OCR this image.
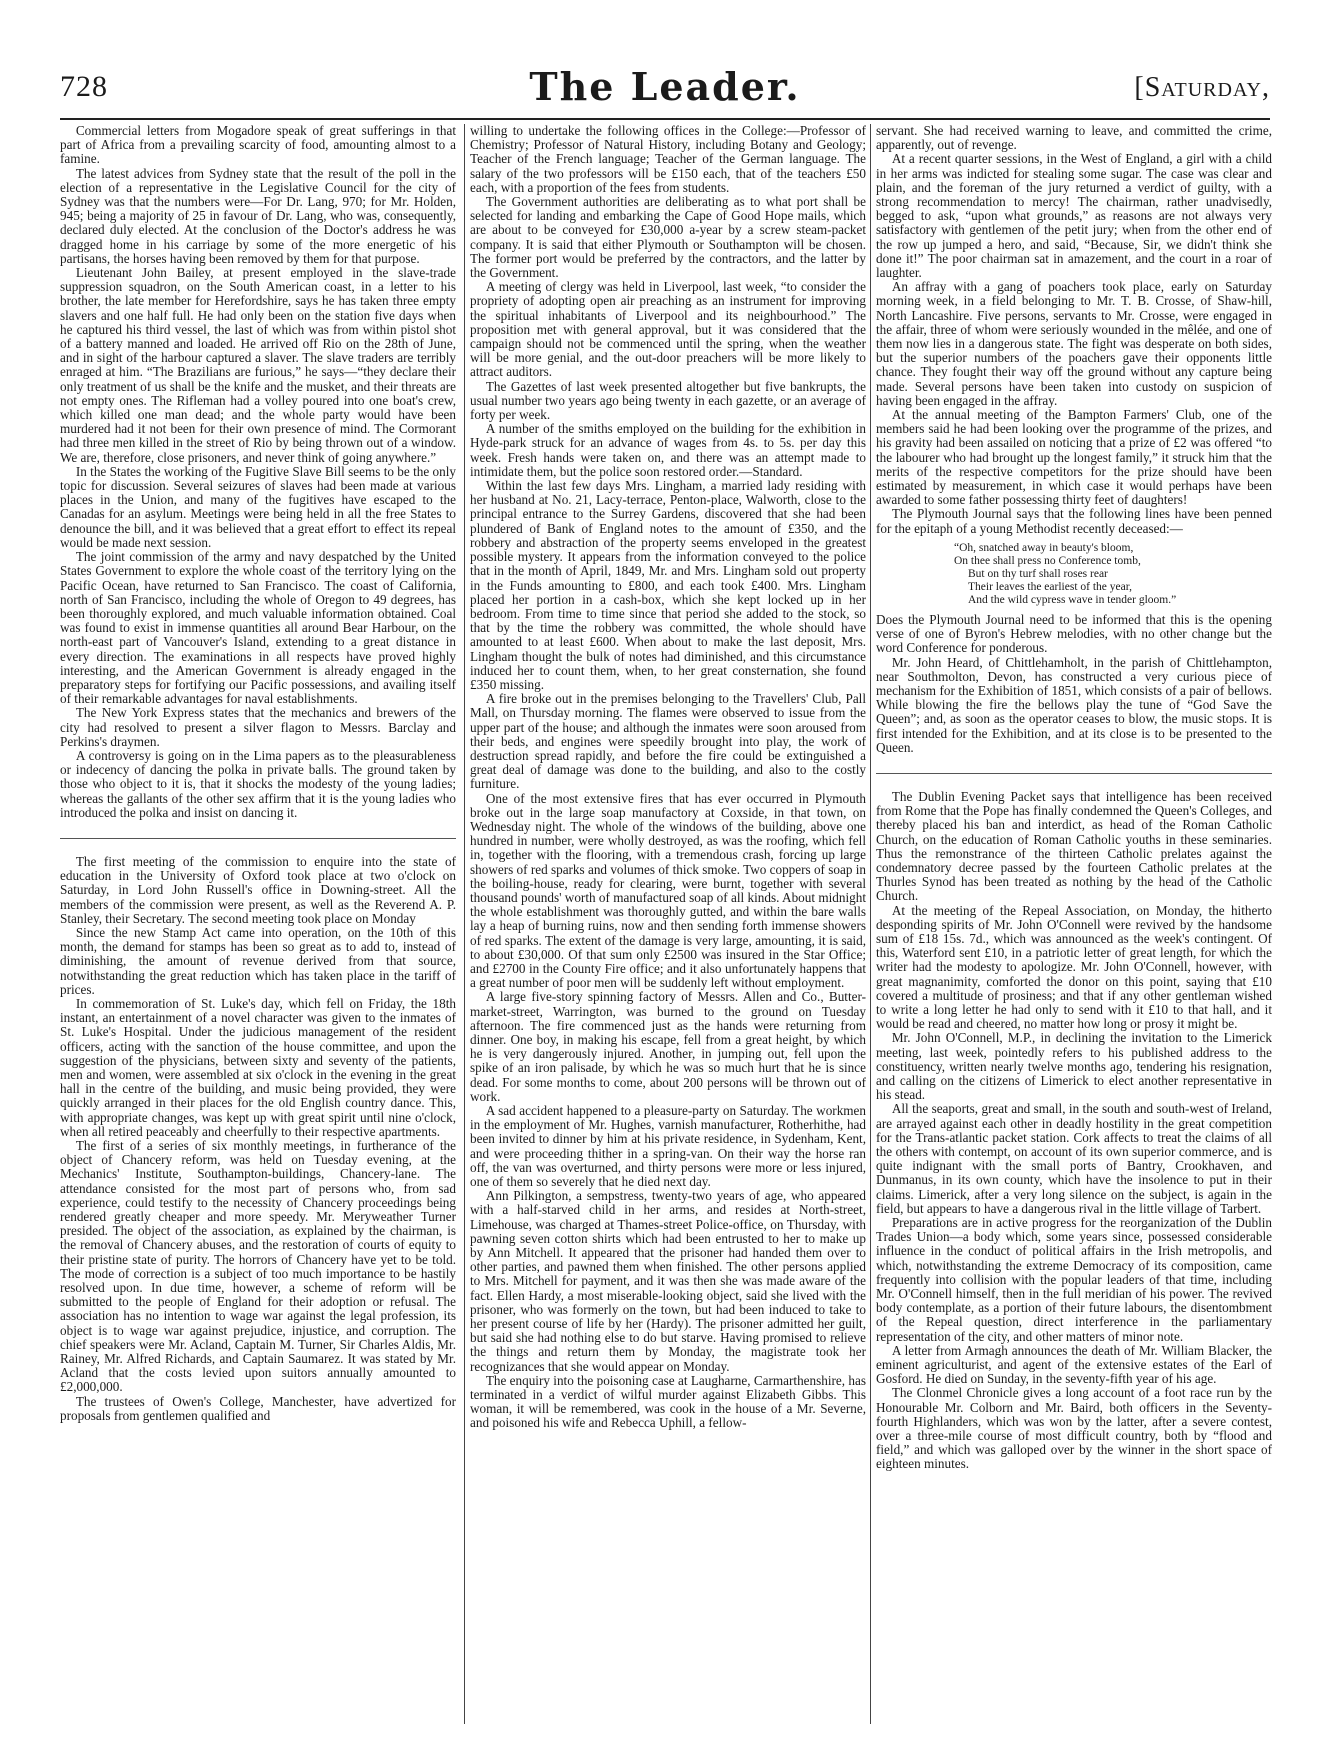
728	The Leader.	[Saturday,

Commercial letters from Mogadore speak of great sufferings in that part of Africa from a prevailing scarcity of food, amounting almost to a famine.

The latest advices from Sydney state that the result of the poll in the election of a representative in the Legislative Council for the city of Sydney was that the numbers were—For Dr. Lang, 970; for Mr. Holden, 945; being a majority of 25 in favour of Dr. Lang, who was, consequently, declared duly elected. At the conclusion of the Doctor's address he was dragged home in his carriage by some of the more energetic of his partisans, the horses having been removed by them for that purpose.

Lieutenant John Bailey, at present employed in the slave-trade suppression squadron, on the South American coast, in a letter to his brother, the late member for Herefordshire, says he has taken three empty slavers and one half full. He had only been on the station five days when he captured his third vessel, the last of which was from within pistol shot of a battery manned and loaded. He arrived off Rio on the 28th of June, and in sight of the harbour captured a slaver. The slave traders are terribly enraged at him. “The Brazilians are furious,” he says—“they declare their only treatment of us shall be the knife and the musket, and their threats are not empty ones. The Rifleman had a volley poured into one boat's crew, which killed one man dead; and the whole party would have been murdered had it not been for their own presence of mind. The Cormorant had three men killed in the street of Rio by being thrown out of a window. We are, therefore, close prisoners, and never think of going anywhere.”

In the States the working of the Fugitive Slave Bill seems to be the only topic for discussion. Several seizures of slaves had been made at various places in the Union, and many of the fugitives have escaped to the Canadas for an asylum. Meetings were being held in all the free States to denounce the bill, and it was believed that a great effort to effect its repeal would be made next session.

The joint commission of the army and navy despatched by the United States Government to explore the whole coast of the territory lying on the Pacific Ocean, have returned to San Francisco. The coast of California, north of San Francisco, including the whole of Oregon to 49 degrees, has been thoroughly explored, and much valuable information obtained. Coal was found to exist in immense quantities all around Bear Harbour, on the north-east part of Vancouver's Island, extending to a great distance in every direction. The examinations in all respects have proved highly interesting, and the American Government is already engaged in the preparatory steps for fortifying our Pacific possessions, and availing itself of their remarkable advantages for naval establishments.

The New York Express states that the mechanics and brewers of the city had resolved to present a silver flagon to Messrs. Barclay and Perkins's draymen.

A controversy is going on in the Lima papers as to the pleasurableness or indecency of dancing the polka in private balls. The ground taken by those who object to it is, that it shocks the modesty of the young ladies; whereas the gallants of the other sex affirm that it is the young ladies who introduced the polka and insist on dancing it.

The first meeting of the commission to enquire into the state of education in the University of Oxford took place at two o'clock on Saturday, in Lord John Russell's office in Downing-street. All the members of the commission were present, as well as the Reverend A. P. Stanley, their Secretary. The second meeting took place on Monday

Since the new Stamp Act came into operation, on the 10th of this month, the demand for stamps has been so great as to add to, instead of diminishing, the amount of revenue derived from that source, notwithstanding the great reduction which has taken place in the tariff of prices.

In commemoration of St. Luke's day, which fell on Friday, the 18th instant, an entertainment of a novel character was given to the inmates of St. Luke's Hospital. Under the judicious management of the resident officers, acting with the sanction of the house committee, and upon the suggestion of the physicians, between sixty and seventy of the patients, men and women, were assembled at six o'clock in the evening in the great hall in the centre of the building, and music being provided, they were quickly arranged in their places for the old English country dance. This, with appropriate changes, was kept up with great spirit until nine o'clock, when all retired peaceably and cheerfully to their respective apartments.

The first of a series of six monthly meetings, in furtherance of the object of Chancery reform, was held on Tuesday evening, at the Mechanics' Institute, Southampton-buildings, Chancery-lane. The attendance consisted for the most part of persons who, from sad experience, could testify to the necessity of Chancery proceedings being rendered greatly cheaper and more speedy. Mr. Meryweather Turner presided. The object of the association, as explained by the chairman, is the removal of Chancery abuses, and the restoration of courts of equity to their pristine state of purity. The horrors of Chancery have yet to be told. The mode of correction is a subject of too much importance to be hastily resolved upon. In due time, however, a scheme of reform will be submitted to the people of England for their adoption or refusal. The association has no intention to wage war against the legal profession, its object is to wage war against prejudice, injustice, and corruption. The chief speakers were Mr. Acland, Captain M. Turner, Sir Charles Aldis, Mr. Rainey, Mr. Alfred Richards, and Captain Saumarez. It was stated by Mr. Acland that the costs levied upon suitors annually amounted to £2,000,000.

The trustees of Owen's College, Manchester, have advertized for proposals from gentlemen qualified and

willing to undertake the following offices in the College:—Professor of Chemistry; Professor of Natural History, including Botany and Geology; Teacher of the French language; Teacher of the German language. The salary of the two professors will be £150 each, that of the teachers £50 each, with a proportion of the fees from students.

The Government authorities are deliberating as to what port shall be selected for landing and embarking the Cape of Good Hope mails, which are about to be conveyed for £30,000 a-year by a screw steam-packet company. It is said that either Plymouth or Southampton will be chosen. The former port would be preferred by the contractors, and the latter by the Government.

A meeting of clergy was held in Liverpool, last week, “to consider the propriety of adopting open air preaching as an instrument for improving the spiritual inhabitants of Liverpool and its neighbourhood.” The proposition met with general approval, but it was considered that the campaign should not be commenced until the spring, when the weather will be more genial, and the out-door preachers will be more likely to attract auditors.

The Gazettes of last week presented altogether but five bankrupts, the usual number two years ago being twenty in each gazette, or an average of forty per week.

A number of the smiths employed on the building for the exhibition in Hyde-park struck for an advance of wages from 4s. to 5s. per day this week. Fresh hands were taken on, and there was an attempt made to intimidate them, but the police soon restored order.—Standard.

Within the last few days Mrs. Lingham, a married lady residing with her husband at No. 21, Lacy-terrace, Penton-place, Walworth, close to the principal entrance to the Surrey Gardens, discovered that she had been plundered of Bank of England notes to the amount of £350, and the robbery and abstraction of the property seems enveloped in the greatest possible mystery. It appears from the information conveyed to the police that in the month of April, 1849, Mr. and Mrs. Lingham sold out property in the Funds amounting to £800, and each took £400. Mrs. Lingham placed her portion in a cash-box, which she kept locked up in her bedroom. From time to time since that period she added to the stock, so that by the time the robbery was committed, the whole should have amounted to at least £600. When about to make the last deposit, Mrs. Lingham thought the bulk of notes had diminished, and this circumstance induced her to count them, when, to her great consternation, she found £350 missing.

A fire broke out in the premises belonging to the Travellers' Club, Pall Mall, on Thursday morning. The flames were observed to issue from the upper part of the house; and although the inmates were soon aroused from their beds, and engines were speedily brought into play, the work of destruction spread rapidly, and before the fire could be extinguished a great deal of damage was done to the building, and also to the costly furniture.

One of the most extensive fires that has ever occurred in Plymouth broke out in the large soap manufactory at Coxside, in that town, on Wednesday night. The whole of the windows of the building, above one hundred in number, were wholly destroyed, as was the roofing, which fell in, together with the flooring, with a tremendous crash, forcing up large showers of red sparks and volumes of thick smoke. Two coppers of soap in the boiling-house, ready for clearing, were burnt, together with several thousand pounds' worth of manufactured soap of all kinds. About midnight the whole establishment was thoroughly gutted, and within the bare walls lay a heap of burning ruins, now and then sending forth immense showers of red sparks. The extent of the damage is very large, amounting, it is said, to about £30,000. Of that sum only £2500 was insured in the Star Office; and £2700 in the County Fire office; and it also unfortunately happens that a great number of poor men will be suddenly left without employment.

A large five-story spinning factory of Messrs. Allen and Co., Butter-market-street, Warrington, was burned to the ground on Tuesday afternoon. The fire commenced just as the hands were returning from dinner. One boy, in making his escape, fell from a great height, by which he is very dangerously injured. Another, in jumping out, fell upon the spike of an iron palisade, by which he was so much hurt that he is since dead. For some months to come, about 200 persons will be thrown out of work.

A sad accident happened to a pleasure-party on Saturday. The workmen in the employment of Mr. Hughes, varnish manufacturer, Rotherhithe, had been invited to dinner by him at his private residence, in Sydenham, Kent, and were proceeding thither in a spring-van. On their way the horse ran off, the van was overturned, and thirty persons were more or less injured, one of them so severely that he died next day.

Ann Pilkington, a sempstress, twenty-two years of age, who appeared with a half-starved child in her arms, and resides at North-street, Limehouse, was charged at Thames-street Police-office, on Thursday, with pawning seven cotton shirts which had been entrusted to her to make up by Ann Mitchell. It appeared that the prisoner had handed them over to other parties, and pawned them when finished. The other persons applied to Mrs. Mitchell for payment, and it was then she was made aware of the fact. Ellen Hardy, a most miserable-looking object, said she lived with the prisoner, who was formerly on the town, but had been induced to take to her present course of life by her (Hardy). The prisoner admitted her guilt, but said she had nothing else to do but starve. Having promised to relieve the things and return them by Monday, the magistrate took her recognizances that she would appear on Monday.

The enquiry into the poisoning case at Laugharne, Carmarthenshire, has terminated in a verdict of wilful murder against Elizabeth Gibbs. This woman, it will be remembered, was cook in the house of a Mr. Severne, and poisoned his wife and Rebecca Uphill, a fellow-

servant. She had received warning to leave, and committed the crime, apparently, out of revenge.

At a recent quarter sessions, in the West of England, a girl with a child in her arms was indicted for stealing some sugar. The case was clear and plain, and the foreman of the jury returned a verdict of guilty, with a strong recommendation to mercy! The chairman, rather unadvisedly, begged to ask, “upon what grounds,” as reasons are not always very satisfactory with gentlemen of the petit jury; when from the other end of the row up jumped a hero, and said, “Because, Sir, we didn't think she done it!” The poor chairman sat in amazement, and the court in a roar of laughter.

An affray with a gang of poachers took place, early on Saturday morning week, in a field belonging to Mr. T. B. Crosse, of Shaw-hill, North Lancashire. Five persons, servants to Mr. Crosse, were engaged in the affair, three of whom were seriously wounded in the mêlée, and one of them now lies in a dangerous state. The fight was desperate on both sides, but the superior numbers of the poachers gave their opponents little chance. They fought their way off the ground without any capture being made. Several persons have been taken into custody on suspicion of having been engaged in the affray.

At the annual meeting of the Bampton Farmers' Club, one of the members said he had been looking over the programme of the prizes, and his gravity had been assailed on noticing that a prize of £2 was offered “to the labourer who had brought up the longest family,” it struck him that the merits of the respective competitors for the prize should have been estimated by measurement, in which case it would perhaps have been awarded to some father possessing thirty feet of daughters!

The Plymouth Journal says that the following lines have been penned for the epitaph of a young Methodist recently deceased:—

“Oh, snatched away in beauty's bloom,
On thee shall press no Conference tomb,
But on thy turf shall roses rear
Their leaves the earliest of the year,
And the wild cypress wave in tender gloom.”

Does the Plymouth Journal need to be informed that this is the opening verse of one of Byron's Hebrew melodies, with no other change but the word Conference for ponderous.

Mr. John Heard, of Chittlehamholt, in the parish of Chittlehampton, near Southmolton, Devon, has constructed a very curious piece of mechanism for the Exhibition of 1851, which consists of a pair of bellows. While blowing the fire the bellows play the tune of “God Save the Queen”; and, as soon as the operator ceases to blow, the music stops. It is first intended for the Exhibition, and at its close is to be presented to the Queen.

The Dublin Evening Packet says that intelligence has been received from Rome that the Pope has finally condemned the Queen's Colleges, and thereby placed his ban and interdict, as head of the Roman Catholic Church, on the education of Roman Catholic youths in these seminaries. Thus the remonstrance of the thirteen Catholic prelates against the condemnatory decree passed by the fourteen Catholic prelates at the Thurles Synod has been treated as nothing by the head of the Catholic Church.

At the meeting of the Repeal Association, on Monday, the hitherto desponding spirits of Mr. John O'Connell were revived by the handsome sum of £18 15s. 7d., which was announced as the week's contingent. Of this, Waterford sent £10, in a patriotic letter of great length, for which the writer had the modesty to apologize. Mr. John O'Connell, however, with great magnanimity, comforted the donor on this point, saying that £10 covered a multitude of prosiness; and that if any other gentleman wished to write a long letter he had only to send with it £10 to that hall, and it would be read and cheered, no matter how long or prosy it might be.

Mr. John O'Connell, M.P., in declining the invitation to the Limerick meeting, last week, pointedly refers to his published address to the constituency, written nearly twelve months ago, tendering his resignation, and calling on the citizens of Limerick to elect another representative in his stead.

All the seaports, great and small, in the south and south-west of Ireland, are arrayed against each other in deadly hostility in the great competition for the Trans-atlantic packet station. Cork affects to treat the claims of all the others with contempt, on account of its own superior commerce, and is quite indignant with the small ports of Bantry, Crookhaven, and Dunmanus, in its own county, which have the insolence to put in their claims. Limerick, after a very long silence on the subject, is again in the field, but appears to have a dangerous rival in the little village of Tarbert.

Preparations are in active progress for the reorganization of the Dublin Trades Union—a body which, some years since, possessed considerable influence in the conduct of political affairs in the Irish metropolis, and which, notwithstanding the extreme Democracy of its composition, came frequently into collision with the popular leaders of that time, including Mr. O'Connell himself, then in the full meridian of his power. The revived body contemplate, as a portion of their future labours, the disentombment of the Repeal question, direct interference in the parliamentary representation of the city, and other matters of minor note.

A letter from Armagh announces the death of Mr. William Blacker, the eminent agriculturist, and agent of the extensive estates of the Earl of Gosford. He died on Sunday, in the seventy-fifth year of his age.

The Clonmel Chronicle gives a long account of a foot race run by the Honourable Mr. Colborn and Mr. Baird, both officers in the Seventy-fourth Highlanders, which was won by the latter, after a severe contest, over a three-mile course of most difficult country, both by “flood and field,” and which was galloped over by the winner in the short space of eighteen minutes.
